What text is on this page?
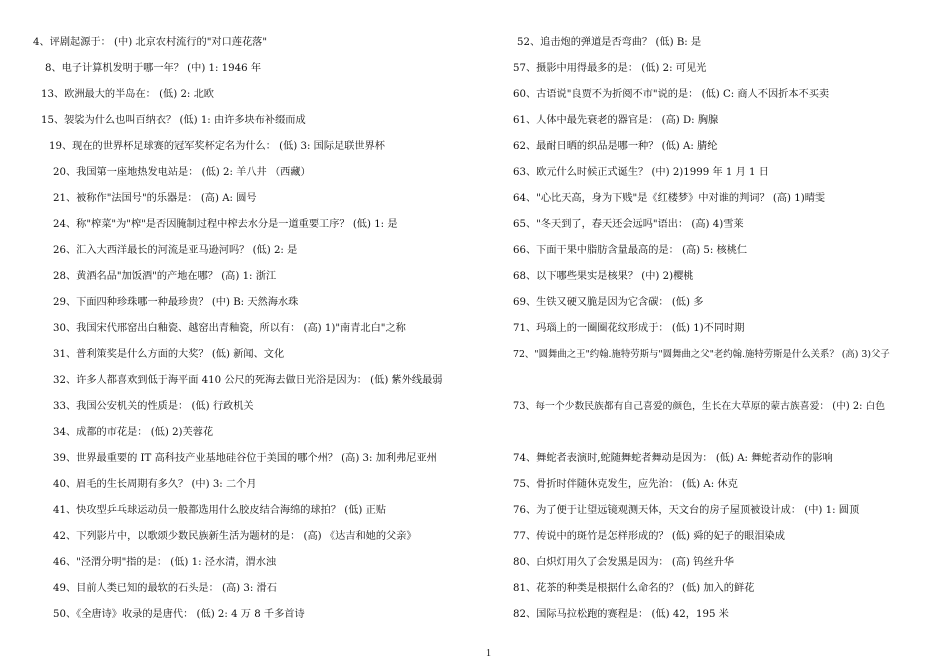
4、评剧起源于： (中) 北京农村流行的"对口莲花落"
8、电子计算机发明于哪一年？ (中) 1: 1946 年
13、欧洲最大的半岛在： (低) 2: 北欧
15、袈裟为什么也叫百纳衣？ (低) 1: 由许多块布补缀而成
19、现在的世界杯足球赛的冠军奖杯定名为什么： (低) 3: 国际足联世界杯
20、我国第一座地热发电站是： (低) 2: 羊八井 （西藏）
21、被称作"法国号"的乐器是： (高) A: 圆号
24、称"榨菜"为"榨"是否因腌制过程中榨去水分是一道重要工序？ (低) 1: 是
26、汇入大西洋最长的河流是亚马逊河吗？ (低) 2: 是
28、黄酒名品"加饭酒"的产地在哪？ (高) 1: 浙江
29、下面四种珍珠哪一种最珍贵？ (中) B: 天然海水珠
30、我国宋代邢窑出白釉瓷、越窑出青釉瓷，所以有： (高) 1)"南青北白"之称
31、普利策奖是什么方面的大奖？ (低) 新闻、文化
32、许多人都喜欢到低于海平面 410 公尺的死海去做日光浴是因为： (低) 紫外线最弱
33、我国公安机关的性质是： (低) 行政机关
34、成都的市花是： (低) 2)芙蓉花
39、世界最重要的 IT 高科技产业基地硅谷位于美国的哪个州？ (高) 3: 加利弗尼亚州
40、眉毛的生长周期有多久？ (中) 3: 二个月
41、快攻型乒乓球运动员一般都选用什么胶皮结合海绵的球拍？ (低) 正贴
42、下列影片中，以歌颂少数民族新生活为题材的是： (高) 《达吉和她的父亲》
46、"泾渭分明"指的是： (低) 1: 泾水清，渭水浊
49、目前人类已知的最软的石头是： (高) 3: 滑石
50、《全唐诗》收录的是唐代： (低) 2: 4 万 8 千多首诗
52、追击炮的弹道是否弯曲？ (低) B: 是
57、摄影中用得最多的是： (低) 2: 可见光
60、古语说"良贾不为折阅不市"说的是： (低) C: 商人不因折本不买卖
61、人体中最先衰老的器官是： (高) D: 胸腺
62、最耐日晒的织品是哪一种？ (低) A: 腈纶
63、欧元什么时候正式诞生？ (中) 2)1999 年 1 月 1 日
64、"心比天高，身为下贱"是《红楼梦》中对谁的判词？ (高) 1)晴雯
65、"冬天到了，春天还会远吗"语出： (高) 4)雪莱
66、下面干果中脂肪含量最高的是： (高) 5: 核桃仁
68、以下哪些果实是核果？ (中) 2)樱桃
69、生铁又硬又脆是因为它含碳： (低) 多
71、玛瑙上的一圈圈花纹形成于： (低) 1)不同时期
72、"圆舞曲之王"约翰.施特劳斯与"圆舞曲之父"老约翰.施特劳斯是什么关系？ (高) 3)父子
73、每一个少数民族都有自己喜爱的颜色，生长在大草原的蒙古族喜爱： (中) 2: 白色
74、舞蛇者表演时,蛇随舞蛇者舞动是因为： (低) A: 舞蛇者动作的影响
75、骨折时伴随休克发生，应先治： (低) A: 休克
76、为了便于让望远镜观测天体，天文台的房子屋顶被设计成： (中) 1: 圆顶
77、传说中的斑竹是怎样形成的？ (低) 舜的妃子的眼泪染成
80、白炽灯用久了会发黑是因为： (高) 钨丝升华
81、花茶的种类是根据什么命名的？ (低) 加入的鲜花
82、国际马拉松跑的赛程是： (低) 42，195 米
1
